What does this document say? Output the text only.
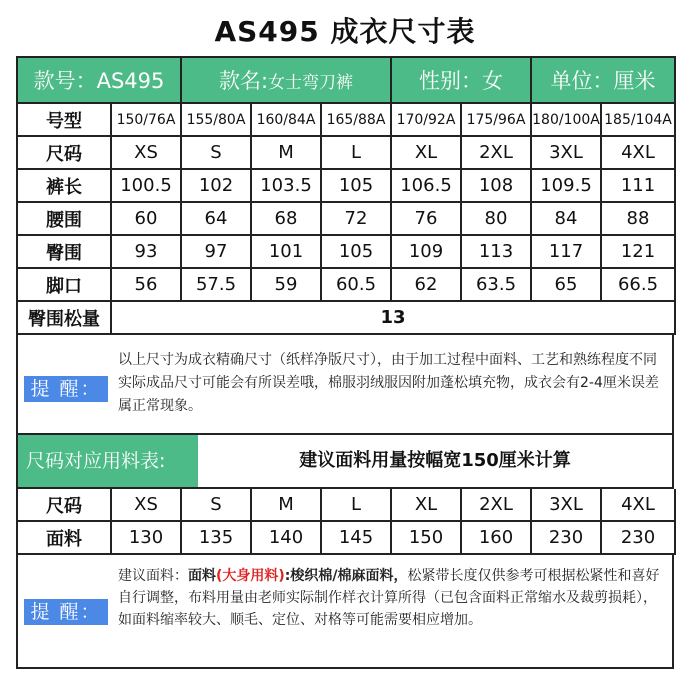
AS495 成衣尺寸表
款号：AS495		款名:女士弯刀裤			性别：女		单位：厘米	
号型	150/76A	155/80A	160/84A	165/88A	170/92A	175/96A	180/100A	185/104A
尺码	XS	S	M	L	XL	2XL	3XL	4XL
裤长	100.5	102	103.5	105	106.5	108	109.5	111
腰围	60	64	68	72	76	80	84	88
臀围	93	97	101	105	109	113	117	121
脚口	56	57.5	59	60.5	62	63.5	65	66.5
臀围松量	13							
提 醒：
以上尺寸为成衣精确尺寸（纸样净版尺寸），由于加工过程中面料、工艺和熟练程度不同实际成品尺寸可能会有所误差哦，棉服羽绒服因附加蓬松填充物，成衣会有2-4厘米误差属正常现象。
尺码对应用料表:	建议面料用量按幅宽150厘米计算
尺码	XS	S	M	L	XL	2XL	3XL	4XL
面料	130	135	140	145	150	160	230	230
提 醒：
建议面料：面料(大身用料):梭织棉/棉麻面料，松紧带长度仅供参考可根据松紧性和喜好自行调整，布料用量由老师实际制作样衣计算所得（已包含面料正常缩水及裁剪损耗），如面料缩率较大、顺毛、定位、对格等可能需要相应增加。
